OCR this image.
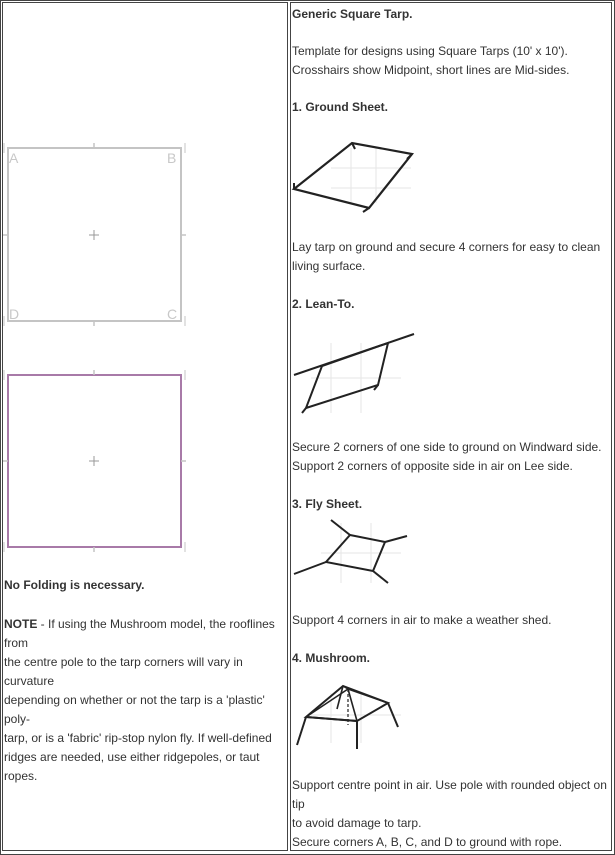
A	B
D	C
No Folding is necessary.
NOTE - If using the Mushroom model, the rooflines from
the centre pole to the tarp corners will vary in curvature
depending on whether or not the tarp is a 'plastic' poly-
tarp, or is a 'fabric' rip-stop nylon fly. If well-defined
ridges are needed, use either ridgepoles, or taut ropes.
Generic Square Tarp.
Template for designs using Square Tarps (10' x 10').
Crosshairs show Midpoint, short lines are Mid-sides.
1. Ground Sheet.
Lay tarp on ground and secure 4 corners for easy to clean
living surface.
2. Lean-To.
Secure 2 corners of one side to ground on Windward side.
Support 2 corners of opposite side in air on Lee side.
3. Fly Sheet.
Support 4 corners in air to make a weather shed.
4. Mushroom.
Support centre point in air. Use pole with rounded object on tip
to avoid damage to tarp.
Secure corners A, B, C, and D to ground with rope.
